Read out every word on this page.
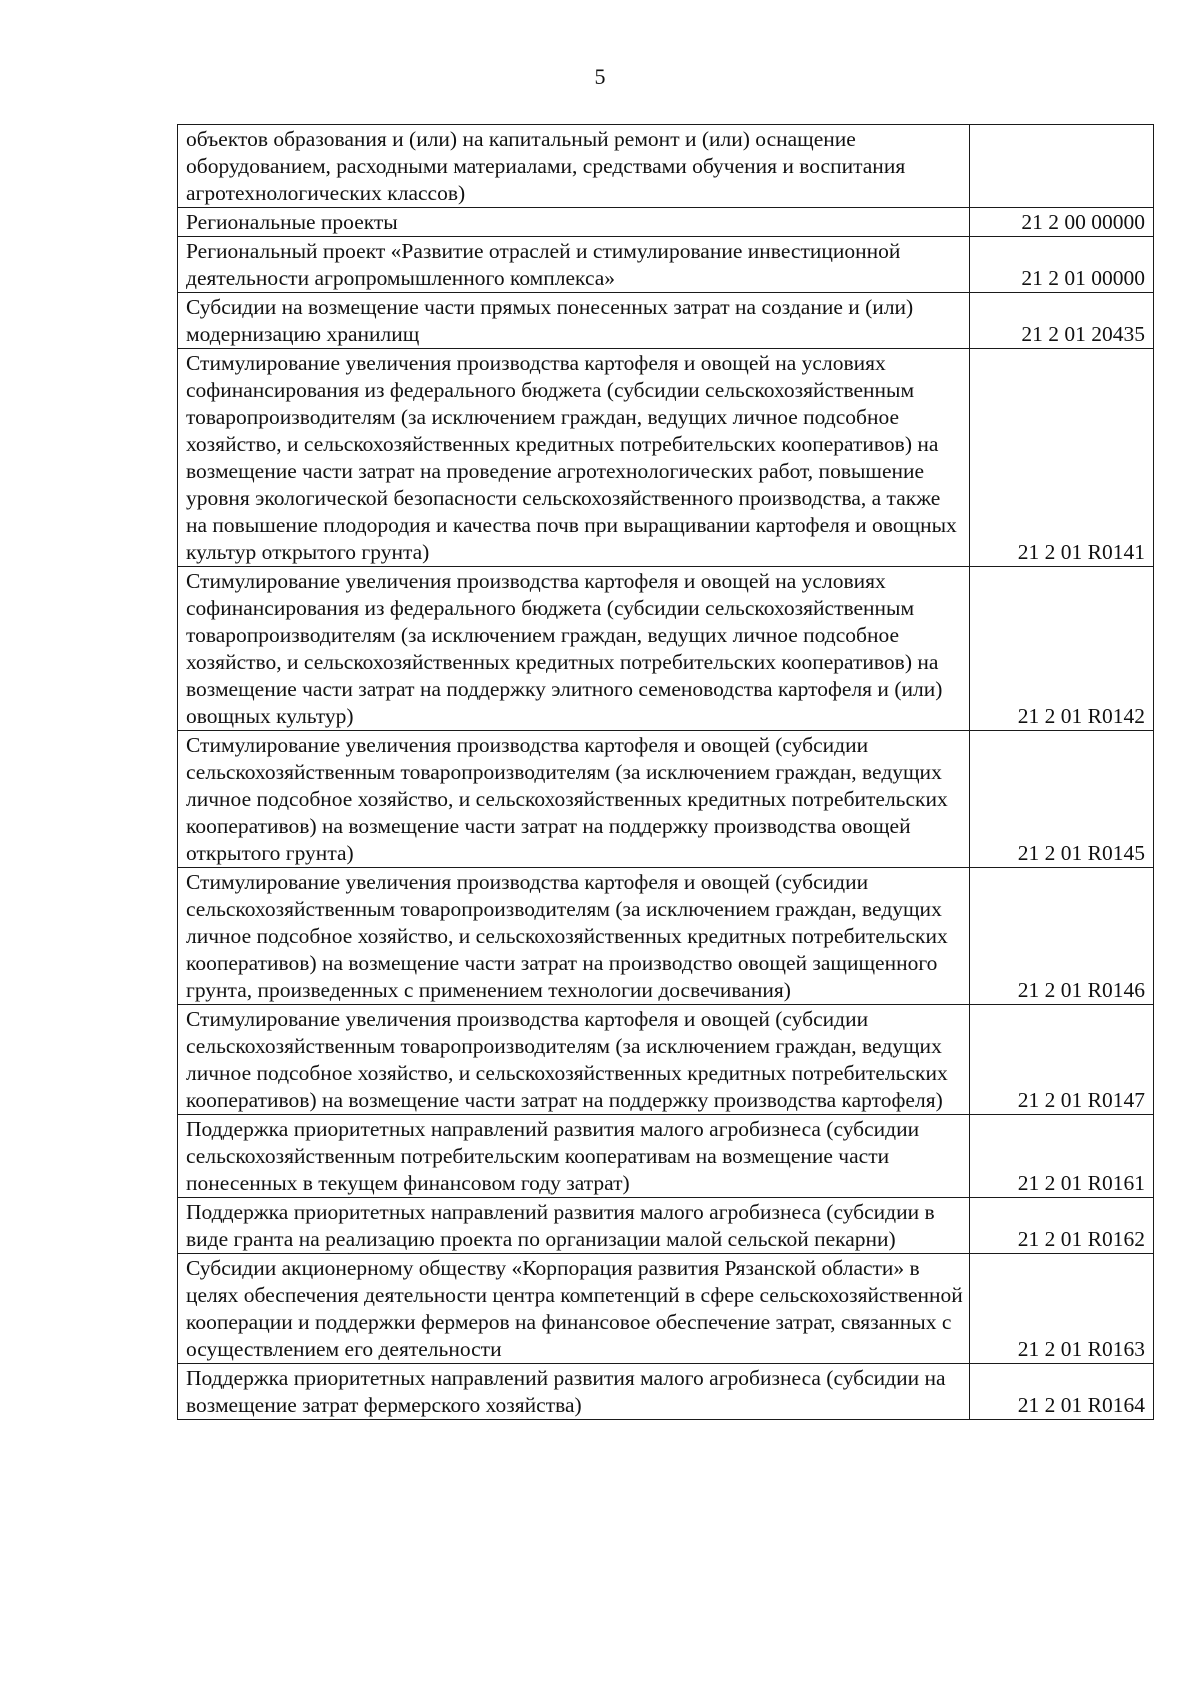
5
объектов образования и (или) на капитальный ремонт и (или) оснащение оборудованием, расходными материалами, средствами обучения и воспитания агротехнологических классов)	
Региональные проекты	21 2 00 00000
Региональный проект «Развитие отраслей и стимулирование инвестиционной деятельности агропромышленного комплекса»	21 2 01 00000
Субсидии на возмещение части прямых понесенных затрат на создание и (или) модернизацию хранилищ	21 2 01 20435
Стимулирование увеличения производства картофеля и овощей на условиях софинансирования из федерального бюджета (субсидии сельскохозяйственным товаропроизводителям (за исключением граждан, ведущих личное подсобное хозяйство, и сельскохозяйственных кредитных потребительских кооперативов) на возмещение части затрат на проведение агротехнологических работ, повышение уровня экологической безопасности сельскохозяйственного производства, а также на повышение плодородия и качества почв при выращивании картофеля и овощных культур открытого грунта)	21 2 01 R0141
Стимулирование увеличения производства картофеля и овощей на условиях софинансирования из федерального бюджета (субсидии сельскохозяйственным товаропроизводителям (за исключением граждан, ведущих личное подсобное хозяйство, и сельскохозяйственных кредитных потребительских кооперативов) на возмещение части затрат на поддержку элитного семеноводства картофеля и (или) овощных культур)	21 2 01 R0142
Стимулирование увеличения производства картофеля и овощей (субсидии сельскохозяйственным товаропроизводителям (за исключением граждан, ведущих личное подсобное хозяйство, и сельскохозяйственных кредитных потребительских кооперативов) на возмещение части затрат на поддержку производства овощей открытого грунта)	21 2 01 R0145
Стимулирование увеличения производства картофеля и овощей (субсидии сельскохозяйственным товаропроизводителям (за исключением граждан, ведущих личное подсобное хозяйство, и сельскохозяйственных кредитных потребительских кооперативов) на возмещение части затрат на производство овощей защищенного грунта, произведенных с применением технологии досвечивания)	21 2 01 R0146
Стимулирование увеличения производства картофеля и овощей (субсидии сельскохозяйственным товаропроизводителям (за исключением граждан, ведущих личное подсобное хозяйство, и сельскохозяйственных кредитных потребительских кооперативов) на возмещение части затрат на поддержку производства картофеля)	21 2 01 R0147
Поддержка приоритетных направлений развития малого агробизнеса (субсидии сельскохозяйственным потребительским кооперативам на возмещение части понесенных в текущем финансовом году затрат)	21 2 01 R0161
Поддержка приоритетных направлений развития малого агробизнеса (субсидии в виде гранта на реализацию проекта по организации малой сельской пекарни)	21 2 01 R0162
Субсидии акционерному обществу «Корпорация развития Рязанской области» в целях обеспечения деятельности центра компетенций в сфере сельскохозяйственной кооперации и поддержки фермеров на финансовое обеспечение затрат, связанных с осуществлением его деятельности	21 2 01 R0163
Поддержка приоритетных направлений развития малого агробизнеса (субсидии на возмещение затрат фермерского хозяйства)	21 2 01 R0164
